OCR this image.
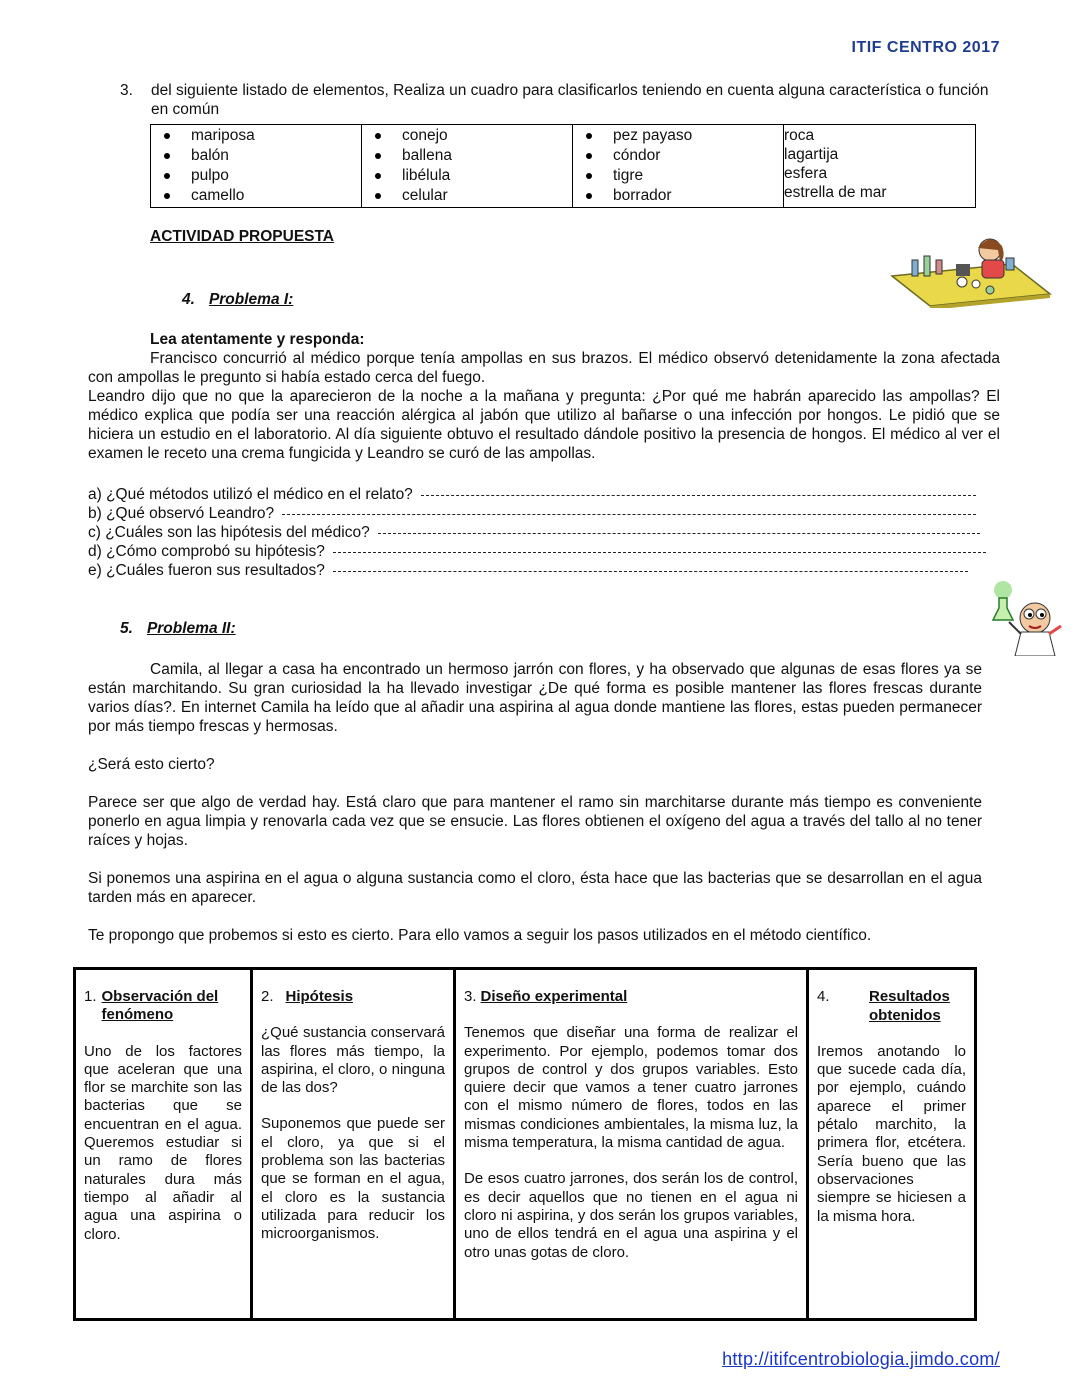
ITIF CENTRO 2017
3. del siguiente listado de elementos, Realiza un cuadro para clasificarlos teniendo en cuenta alguna característica o función en común
mariposa
balón
pulpo
camello

conejo
ballena
libélula
celular

pez payaso
cóndor
tigre
borrador

roca
lagartija
esfera
estrella de mar
ACTIVIDAD PROPUESTA
4. Problema I:
Lea atentamente y responda:

Francisco concurrió al médico porque tenía ampollas en sus brazos. El médico observó detenidamente la zona afectada con ampollas le pregunto si había estado cerca del fuego.

Leandro dijo que no que la aparecieron de la noche a la mañana y pregunta: ¿Por qué me habrán aparecido las ampollas? El médico explica que podía ser una reacción alérgica al jabón que utilizo al bañarse o una infección por hongos. Le pidió que se hiciera un estudio en el laboratorio. Al día siguiente obtuvo el resultado dándole positivo la presencia de hongos. El médico al ver el examen le receto una crema fungicida y Leandro se curó de las ampollas.

a) ¿Qué métodos utilizó el médico en el relato?
b) ¿Qué observó Leandro?
c) ¿Cuáles son las hipótesis del médico?
d) ¿Cómo comprobó su hipótesis?
e) ¿Cuáles fueron sus resultados?
5. Problema II:

Camila, al llegar a casa ha encontrado un hermoso jarrón con flores, y ha observado que algunas de esas flores ya se están marchitando. Su gran curiosidad la ha llevado investigar ¿De qué forma es posible mantener las flores frescas durante varios días?. En internet Camila ha leído que al añadir una aspirina al agua donde mantiene las flores, estas pueden permanecer por más tiempo frescas y hermosas.

¿Será esto cierto?

Parece ser que algo de verdad hay. Está claro que para mantener el ramo sin marchitarse durante más tiempo es conveniente ponerlo en agua limpia y renovarla cada vez que se ensucie. Las flores obtienen el oxígeno del agua a través del tallo al no tener raíces y hojas.

Si ponemos una aspirina en el agua o alguna sustancia como el cloro, ésta hace que las bacterias que se desarrollan en el agua tarden más en aparecer.

Te propongo que probemos si esto es cierto. Para ello vamos a seguir los pasos utilizados en el método científico.

1. Observación del fenómeno

Uno de los factores que aceleran que una flor se marchite son las bacterias que se encuentran en el agua. Queremos estudiar si un ramo de flores naturales dura más tiempo al añadir al agua una aspirina o cloro.

2. Hipótesis

¿Qué sustancia conservará las flores más tiempo, la aspirina, el cloro, o ninguna de las dos?

Suponemos que puede ser el cloro, ya que si el problema son las bacterias que se forman en el agua, el cloro es la sustancia utilizada para reducir los microorganismos.

3. Diseño experimental

Tenemos que diseñar una forma de realizar el experimento. Por ejemplo, podemos tomar dos grupos de control y dos grupos variables. Esto quiere decir que vamos a tener cuatro jarrones con el mismo número de flores, todos en las mismas condiciones ambientales, la misma luz, la misma temperatura, la misma cantidad de agua.

De esos cuatro jarrones, dos serán los de control, es decir aquellos que no tienen en el agua ni cloro ni aspirina, y dos serán los grupos variables, uno de ellos tendrá en el agua una aspirina y el otro unas gotas de cloro.

4.	Resultados obtenidos

Iremos anotando lo que sucede cada día, por ejemplo, cuándo aparece el primer pétalo marchito, la primera flor, etcétera. Sería bueno que las observaciones siempre se hiciesen a la misma hora.

http://itifcentrobiologia.jimdo.com/
